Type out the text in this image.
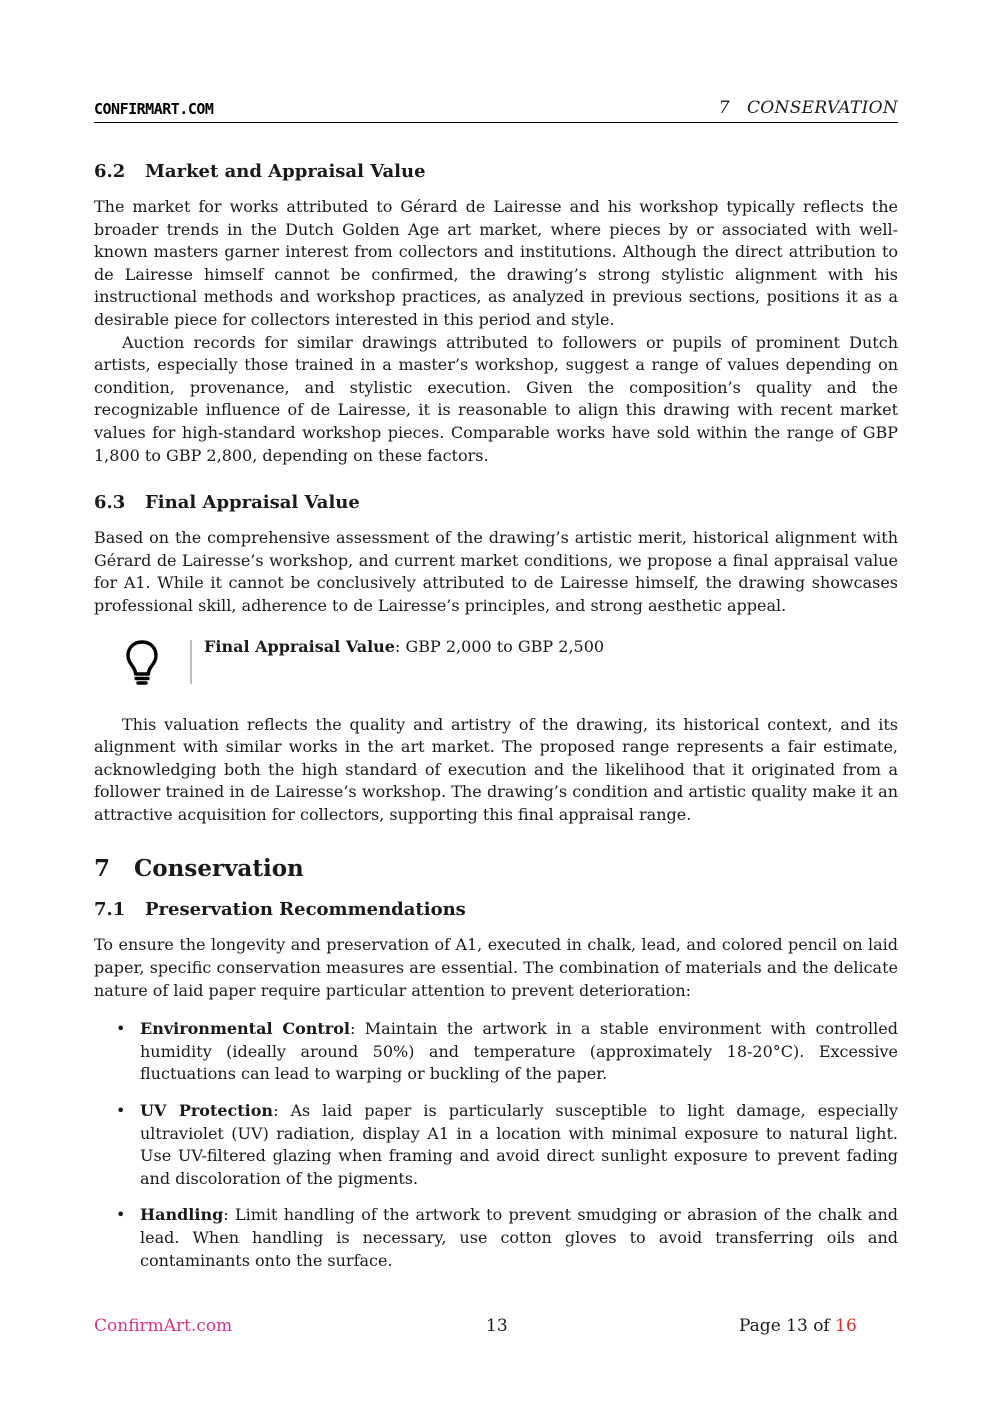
CONFIRMART.COM	7   CONSERVATION
6.2 Market and Appraisal Value

The market for works attributed to Gérard de Lairesse and his workshop typically reflects the broader trends in the Dutch Golden Age art market, where pieces by or associated with well-known masters garner interest from collectors and institutions. Although the direct attribution to de Lairesse himself cannot be confirmed, the drawing’s strong stylistic alignment with his instructional methods and workshop practices, as analyzed in previous sections, positions it as a desirable piece for collectors interested in this period and style.

Auction records for similar drawings attributed to followers or pupils of prominent Dutch artists, especially those trained in a master’s workshop, suggest a range of values depending on condition, provenance, and stylistic execution. Given the composition’s quality and the recognizable influence of de Lairesse, it is reasonable to align this drawing with recent market values for high-standard workshop pieces. Comparable works have sold within the range of GBP 1,800 to GBP 2,800, depending on these factors.

6.3 Final Appraisal Value

Based on the comprehensive assessment of the drawing’s artistic merit, historical alignment with Gérard de Lairesse’s workshop, and current market conditions, we propose a final appraisal value for A1. While it cannot be conclusively attributed to de Lairesse himself, the drawing showcases professional skill, adherence to de Lairesse’s principles, and strong aesthetic appeal.

Final Appraisal Value: GBP 2,000 to GBP 2,500

This valuation reflects the quality and artistry of the drawing, its historical context, and its alignment with similar works in the art market. The proposed range represents a fair estimate, acknowledging both the high standard of execution and the likelihood that it originated from a follower trained in de Lairesse’s workshop. The drawing’s condition and artistic quality make it an attractive acquisition for collectors, supporting this final appraisal range.

7 Conservation
7.1 Preservation Recommendations

To ensure the longevity and preservation of A1, executed in chalk, lead, and colored pencil on laid paper, specific conservation measures are essential. The combination of materials and the delicate nature of laid paper require particular attention to prevent deterioration:

• Environmental Control: Maintain the artwork in a stable environment with controlled humidity (ideally around 50%) and temperature (approximately 18-20°C). Excessive fluctuations can lead to warping or buckling of the paper.
• UV Protection: As laid paper is particularly susceptible to light damage, especially ultraviolet (UV) radiation, display A1 in a location with minimal exposure to natural light. Use UV-filtered glazing when framing and avoid direct sunlight exposure to prevent fading and discoloration of the pigments.
• Handling: Limit handling of the artwork to prevent smudging or abrasion of the chalk and lead. When handling is necessary, use cotton gloves to avoid transferring oils and contaminants onto the surface.
ConfirmArt.com	13	Page 13 of 16
